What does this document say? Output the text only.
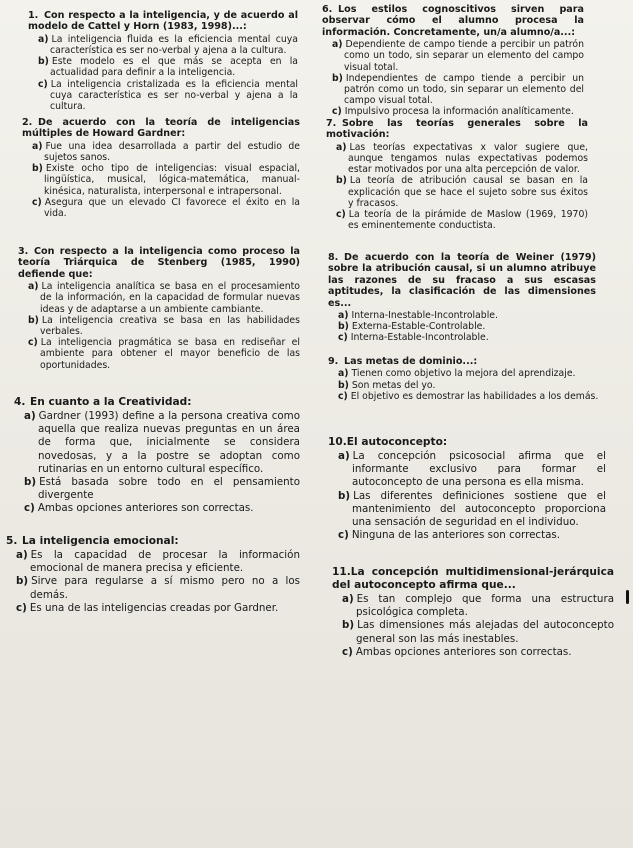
1. Con respecto a la inteligencia, y de acuerdo al modelo de Cattel y Horn (1983, 1998)...:

a) La inteligencia fluida es la eficiencia mental cuya característica es ser no-verbal y ajena a la cultura.

b) Este modelo es el que más se acepta en la actualidad para definir a la inteligencia.

c) La inteligencia cristalizada es la eficiencia mental cuya característica es ser no-verbal y ajena a la cultura.

2. De acuerdo con la teoría de inteligencias múltiples de Howard Gardner:

a) Fue una idea desarrollada a partir del estudio de sujetos sanos.

b) Existe ocho tipo de inteligencias: visual espacial, lingüística, musical, lógica-matemática, manual-kinésica, naturalista, interpersonal e intrapersonal.

c) Asegura que un elevado CI favorece el éxito en la vida.

3. Con respecto a la inteligencia como proceso la teoría Triárquica de Stenberg (1985, 1990) defiende que:

a) La inteligencia analítica se basa en el procesamiento de la información, en la capacidad de formular nuevas ideas y de adaptarse a un ambiente cambiante.

b) La inteligencia creativa se basa en las habilidades verbales.

c) La inteligencia pragmática se basa en rediseñar el ambiente para obtener el mayor beneficio de las oportunidades.

4. En cuanto a la Creatividad:

a) Gardner (1993) define a la persona creativa como aquella que realiza nuevas preguntas en un área de forma que, inicialmente se considera novedosas, y a la postre se adoptan como rutinarias en un entorno cultural específico.

b) Está basada sobre todo en el pensamiento divergente

c) Ambas opciones anteriores son correctas.

5. La inteligencia emocional:

a) Es la capacidad de procesar la información emocional de manera precisa y eficiente.

b) Sirve para regularse a sí mismo pero no a los demás.

c) Es una de las inteligencias creadas por Gardner.

6. Los estilos cognoscitivos sirven para observar cómo el alumno procesa la información. Concretamente, un/a alumno/a...:

a) Dependiente de campo tiende a percibir un patrón como un todo, sin separar un elemento del campo visual total.

b) Independientes de campo tiende a percibir un patrón como un todo, sin separar un elemento del campo visual total.

c) Impulsivo procesa la información analíticamente.

7. Sobre las teorías generales sobre la motivación:

a) Las teorías expectativas x valor sugiere que, aunque tengamos nulas expectativas podemos estar motivados por una alta percepción de valor.

b) La teoría de atribución causal se basan en la explicación que se hace el sujeto sobre sus éxitos y fracasos.

c) La teoría de la pirámide de Maslow (1969, 1970) es eminentemente conductista.

8. De acuerdo con la teoría de Weiner (1979) sobre la atribución causal, si un alumno atribuye las razones de su fracaso a sus escasas aptitudes, la clasificación de las dimensiones es...

a) Interna-Inestable-Incontrolable.

b) Externa-Estable-Controlable.

c) Interna-Estable-Incontrolable.

9. Las metas de dominio...:

a) Tienen como objetivo la mejora del aprendizaje.

b) Son metas del yo.

c) El objetivo es demostrar las habilidades a los demás.

10.El autoconcepto:

a) La concepción psicosocial afirma que el informante exclusivo para formar el autoconcepto de una persona es ella misma.

b) Las diferentes definiciones sostiene que el mantenimiento del autoconcepto proporciona una sensación de seguridad en el individuo.

c) Ninguna de las anteriores son correctas.

11.La concepción multidimensional-jerárquica del autoconcepto afirma que...

a) Es tan complejo que forma una estructura psicológica completa.

b) Las dimensiones más alejadas del autoconcepto general son las más inestables.

c) Ambas opciones anteriores son correctas.
